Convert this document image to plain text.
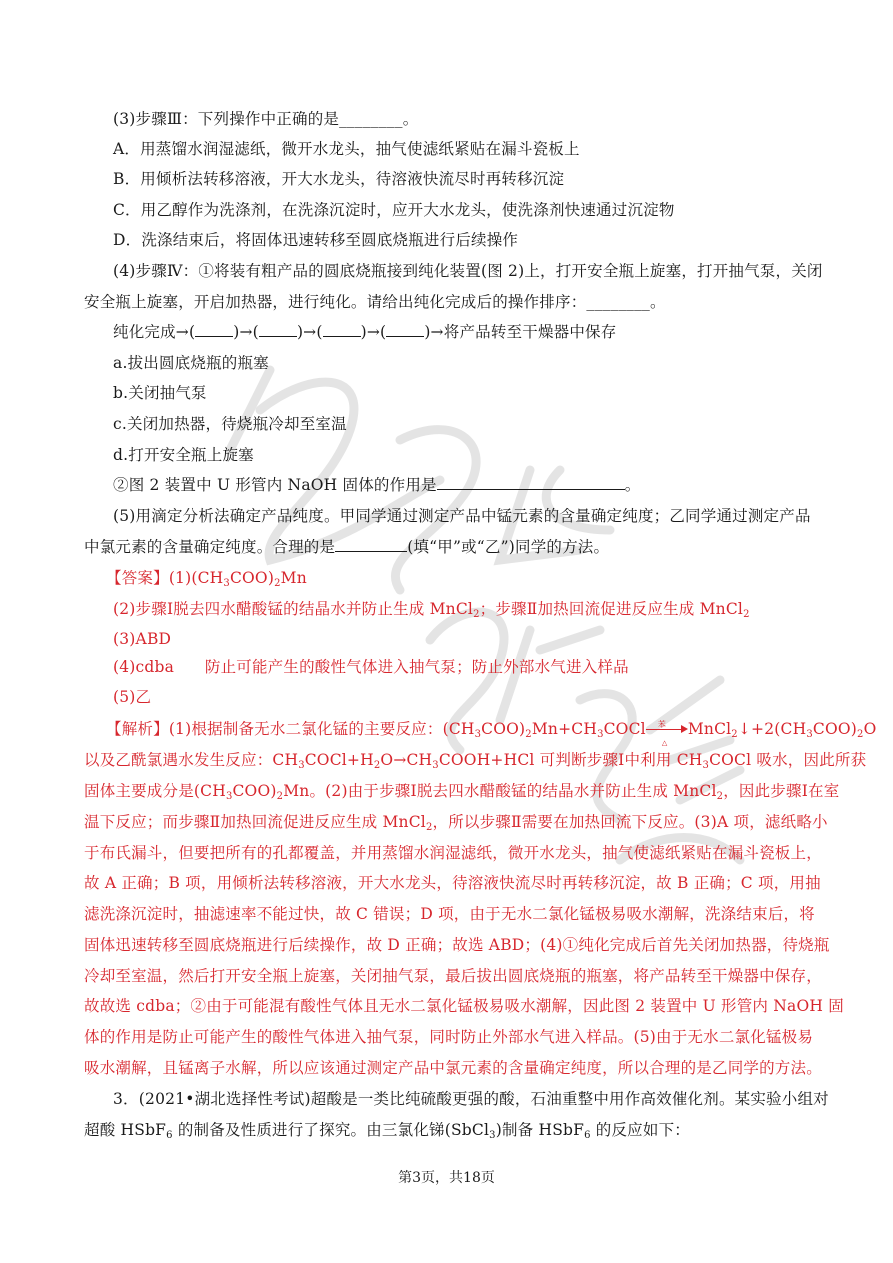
(3)步骤Ⅲ：下列操作中正确的是________。
A．用蒸馏水润湿滤纸，微开水龙头，抽气使滤纸紧贴在漏斗瓷板上
B．用倾析法转移溶液，开大水龙头，待溶液快流尽时再转移沉淀
C．用乙醇作为洗涤剂，在洗涤沉淀时，应开大水龙头，使洗涤剂快速通过沉淀物
D．洗涤结束后，将固体迅速转移至圆底烧瓶进行后续操作
(4)步骤Ⅳ：①将装有粗产品的圆底烧瓶接到纯化装置(图 2)上，打开安全瓶上旋塞，打开抽气泵，关闭
安全瓶上旋塞，开启加热器，进行纯化。请给出纯化完成后的操作排序：________。
纯化完成→( )→( )→( )→( )→将产品转至干燥器中保存
a.拔出圆底烧瓶的瓶塞
b.关闭抽气泵
c.关闭加热器，待烧瓶冷却至室温
d.打开安全瓶上旋塞
②图 2 装置中 U 形管内 NaOH 固体的作用是	。
(5)用滴定分析法确定产品纯度。甲同学通过测定产品中锰元素的含量确定纯度；乙同学通过测定产品
中氯元素的含量确定纯度。合理的是	(填“甲”或“乙”)同学的方法。
【答案】$(1)(CH_3COO)_2Mn$
(2)步骤Ⅰ脱去四水醋酸锰的结晶水并防止生成 MnCl$_2$；步骤Ⅱ加热回流促进反应生成 MnCl$_2$
(3)ABD
(4)cdba      防止可能产生的酸性气体进入抽气泵；防止外部水气进入样品
(5)乙
【解析】(1)根据制备无水二氯化锰的主要反应：$(CH_3COO)_2Mn+CH_3COCl$ 苯
△
$MnCl_2↓+2(CH_3COO)_2O$
以及乙酰氯遇水发生反应：$CH_3COCl+H_2O\to CH_3COOH+HCl$ 可判断步骤Ⅰ中利用 $CH_3COCl$ 吸水，因此所获
固体主要成分是$(CH_3COO)_2Mn$。(2)由于步骤Ⅰ脱去四水醋酸锰的结晶水并防止生成 MnCl$_2$，因此步骤Ⅰ在室
温下反应；而步骤Ⅱ加热回流促进反应生成 MnCl$_2$，所以步骤Ⅱ需要在加热回流下反应。(3)A 项，滤纸略小
于布氏漏斗，但要把所有的孔都覆盖，并用蒸馏水润湿滤纸，微开水龙头，抽气使滤纸紧贴在漏斗瓷板上，
故 A 正确；B 项，用倾析法转移溶液，开大水龙头，待溶液快流尽时再转移沉淀，故 B 正确；C 项，用抽
滤洗涤沉淀时，抽滤速率不能过快，故 C 错误；D 项，由于无水二氯化锰极易吸水潮解，洗涤结束后，将
固体迅速转移至圆底烧瓶进行后续操作，故 D 正确；故选 ABD；(4)①纯化完成后首先关闭加热器，待烧瓶
冷却至室温，然后打开安全瓶上旋塞，关闭抽气泵，最后拔出圆底烧瓶的瓶塞，将产品转至干燥器中保存，
故故选 cdba；②由于可能混有酸性气体且无水二氯化锰极易吸水潮解，因此图 2 装置中 U 形管内 NaOH 固
体的作用是防止可能产生的酸性气体进入抽气泵，同时防止外部水气进入样品。(5)由于无水二氯化锰极易
吸水潮解，且锰离子水解，所以应该通过测定产品中氯元素的含量确定纯度，所以合理的是乙同学的方法。
3．(2021•湖北选择性考试)超酸是一类比纯硫酸更强的酸，石油重整中用作高效催化剂。某实验小组对
超酸 HSbF$_6$ 的制备及性质进行了探究。由三氯化锑(SbCl$_3$)制备 HSbF$_6$ 的反应如下：
第3页，共18页
